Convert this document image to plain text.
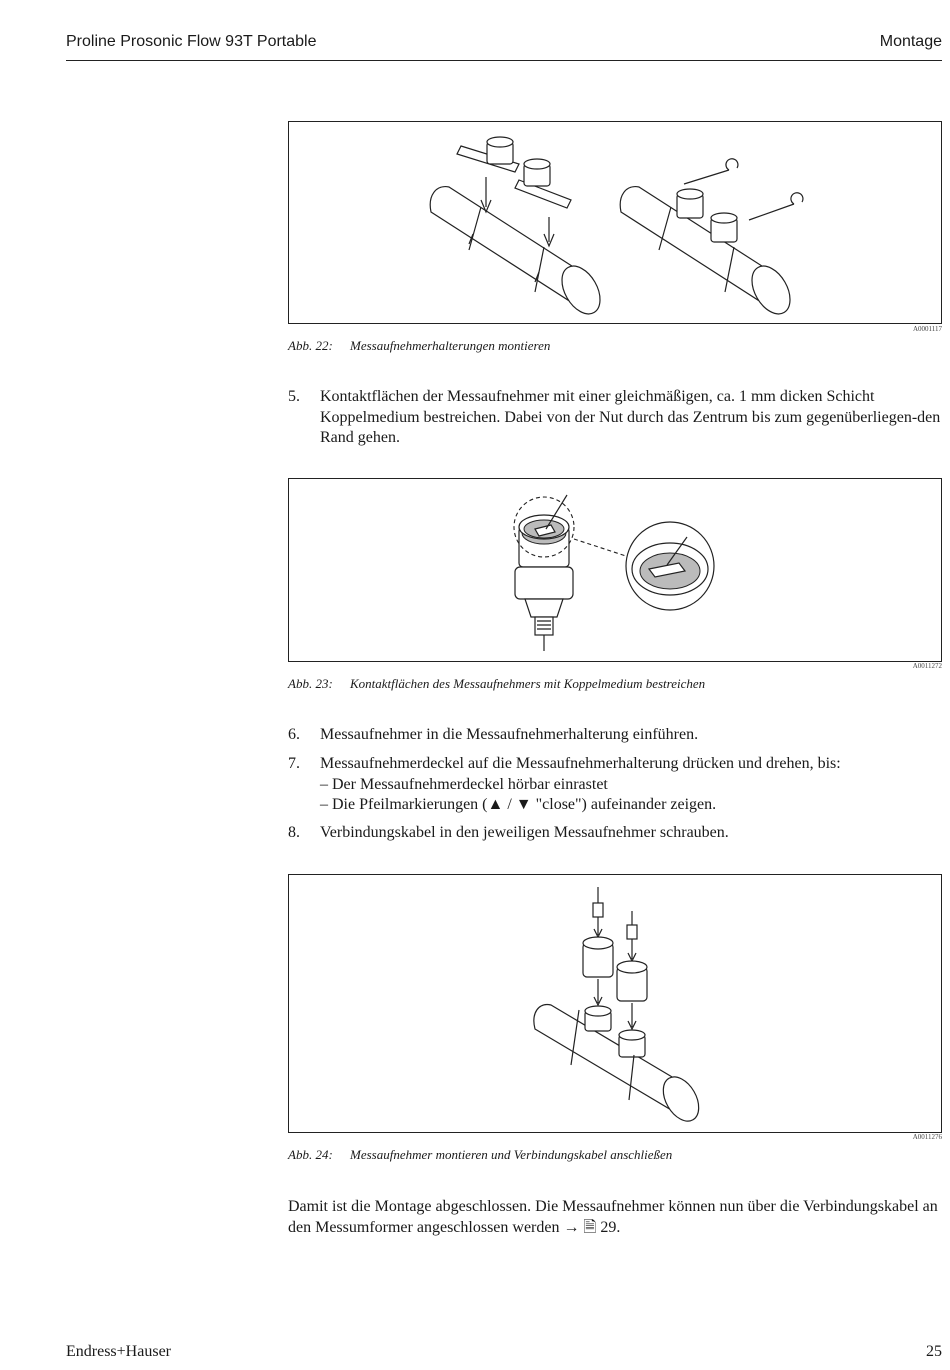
Proline Prosonic Flow 93T Portable	Montage
A0001117
Abb. 22: Messaufnehmerhalterungen montieren
5. Kontaktflächen der Messaufnehmer mit einer gleichmäßigen, ca. 1 mm dicken Schicht Koppelmedium bestreichen. Dabei von der Nut durch das Zentrum bis zum gegenüberliegen-den Rand gehen.
A0011272
Abb. 23: Kontaktflächen des Messaufnehmers mit Koppelmedium bestreichen
6. Messaufnehmer in die Messaufnehmerhalterung einführen.
7. Messaufnehmerdeckel auf die Messaufnehmerhalterung drücken und drehen, bis:
– Der Messaufnehmerdeckel hörbar einrastet
– Die Pfeilmarkierungen (▲ / ▼ "close") aufeinander zeigen.
8. Verbindungskabel in den jeweiligen Messaufnehmer schrauben.
A0011276
Abb. 24: Messaufnehmer montieren und Verbindungskabel anschließen
Damit ist die Montage abgeschlossen. Die Messaufnehmer können nun über die Verbindungskabel an den Messumformer angeschlossen werden → 🗎 29.
Endress+Hauser	25
